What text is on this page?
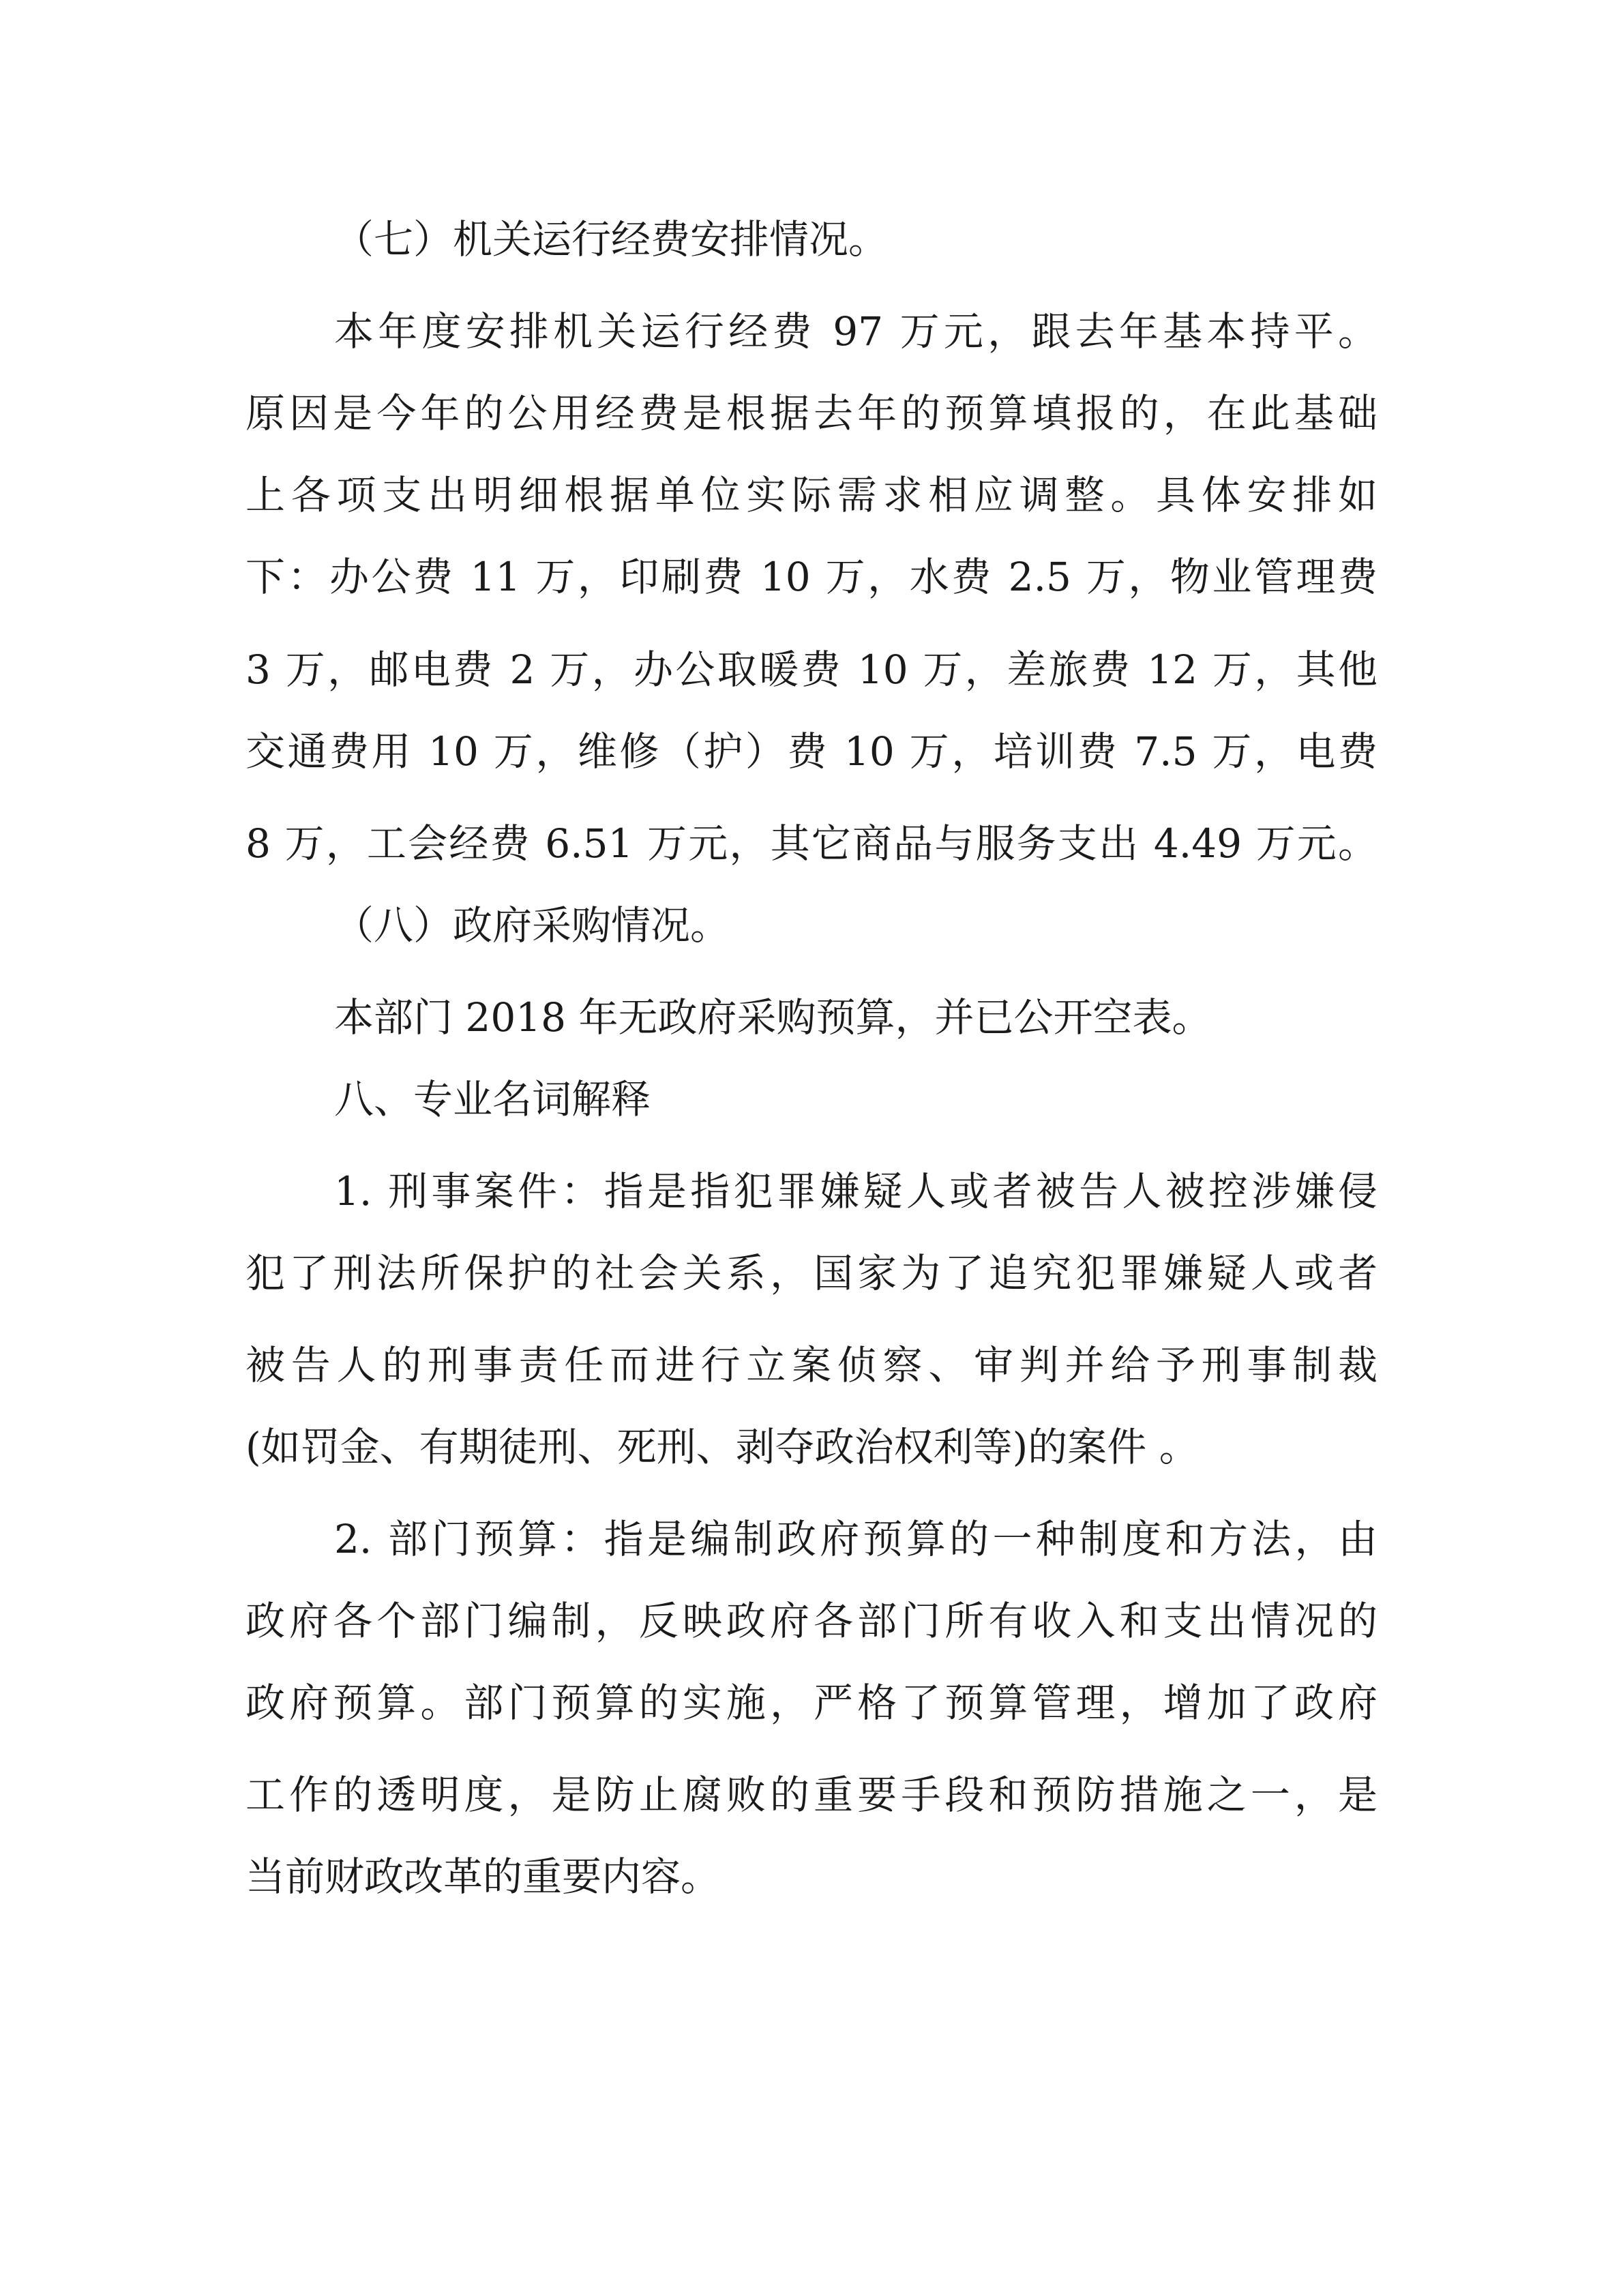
（七）机关运行经费安排情况。
本年度安排机关运行经费 97 万元，跟去年基本持平。
原因是今年的公用经费是根据去年的预算填报的，在此基础
上各项支出明细根据单位实际需求相应调整。具体安排如
下：办公费 11 万，印刷费 10 万，水费 2.5 万，物业管理费
3 万，邮电费 2 万，办公取暖费 10 万，差旅费 12 万，其他
交通费用 10 万，维修（护）费 10 万，培训费 7.5 万，电费
8 万，工会经费 6.51 万元，其它商品与服务支出 4.49 万元。
（八）政府采购情况。
本部门 2018 年无政府采购预算，并已公开空表。
八、专业名词解释
1. 刑事案件：指是指犯罪嫌疑人或者被告人被控涉嫌侵
犯了刑法所保护的社会关系，国家为了追究犯罪嫌疑人或者
被告人的刑事责任而进行立案侦察、审判并给予刑事制裁
(如罚金、有期徒刑、死刑、剥夺政治权利等)的案件 。
2. 部门预算：指是编制政府预算的一种制度和方法，由
政府各个部门编制，反映政府各部门所有收入和支出情况的
政府预算。部门预算的实施，严格了预算管理，增加了政府
工作的透明度，是防止腐败的重要手段和预防措施之一，是
当前财政改革的重要内容。
